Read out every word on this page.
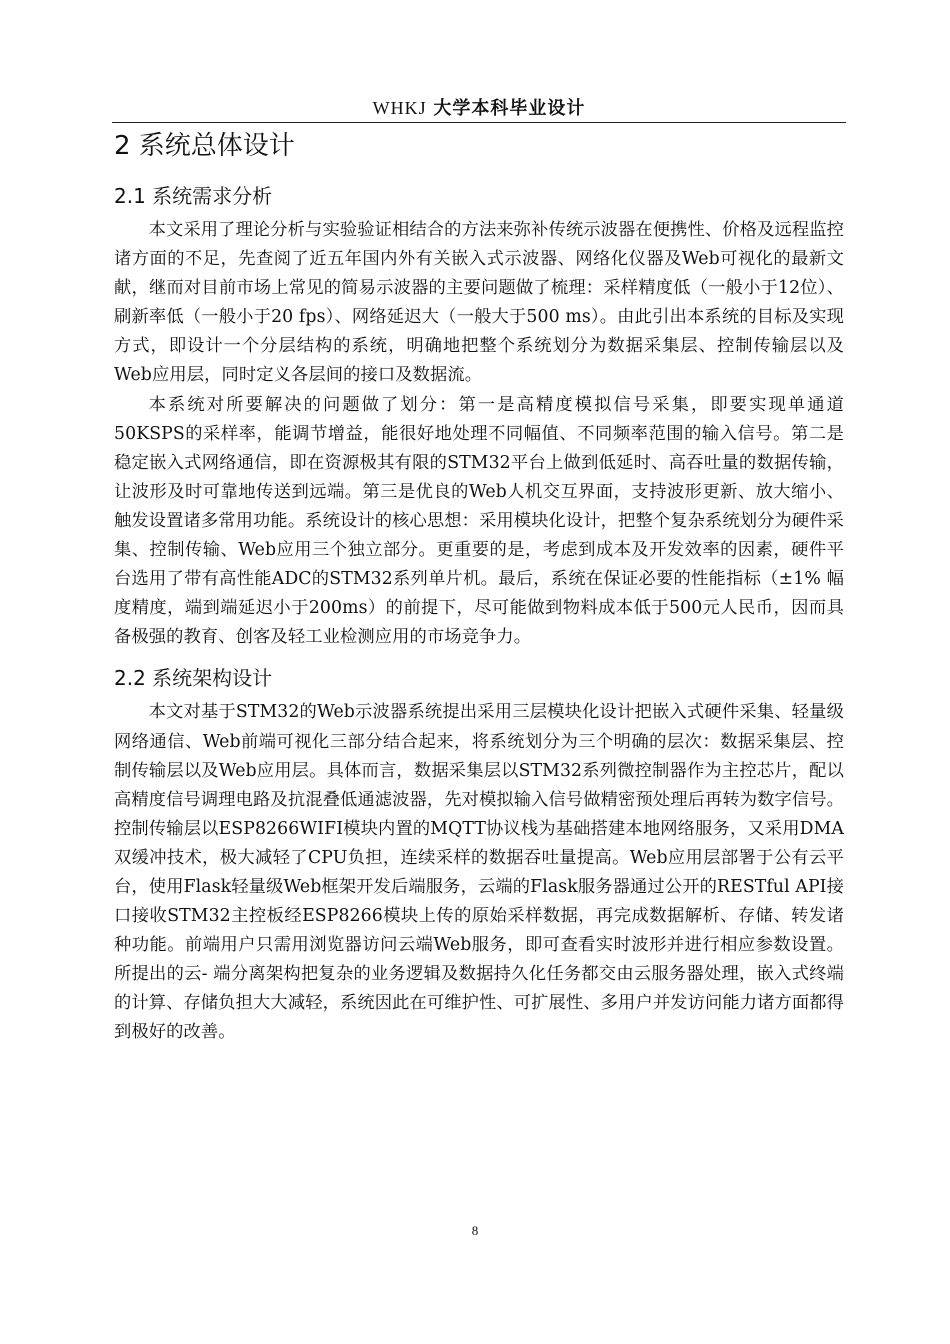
WHKJ 大学本科毕业设计
2 系统总体设计
2.1 系统需求分析

本文采用了理论分析与实验验证相结合的方法来弥补传统示波器在便携性、价格及远程监控诸方面的不足，先查阅了近五年国内外有关嵌入式示波器、网络化仪器及Web可视化的最新文献，继而对目前市场上常见的简易示波器的主要问题做了梳理：采样精度低（一般小于12位）、刷新率低（一般小于20 fps）、网络延迟大（一般大于500 ms）。由此引出本系统的目标及实现方式，即设计一个分层结构的系统，明确地把整个系统划分为数据采集层、控制传输层以及Web应用层，同时定义各层间的接口及数据流。

本系统对所要解决的问题做了划分：第一是高精度模拟信号采集，即要实现单通道50KSPS的采样率，能调节增益，能很好地处理不同幅值、不同频率范围的输入信号。第二是稳定嵌入式网络通信，即在资源极其有限的STM32平台上做到低延时、高吞吐量的数据传输，让波形及时可靠地传送到远端。第三是优良的Web人机交互界面，支持波形更新、放大缩小、触发设置诸多常用功能。系统设计的核心思想：采用模块化设计，把整个复杂系统划分为硬件采集、控制传输、Web应用三个独立部分。更重要的是，考虑到成本及开发效率的因素，硬件平台选用了带有高性能ADC的STM32系列单片机。最后，系统在保证必要的性能指标（±1% 幅度精度，端到端延迟小于200ms）的前提下，尽可能做到物料成本低于500元人民币，因而具备极强的教育、创客及轻工业检测应用的市场竞争力。

2.2 系统架构设计

本文对基于STM32的Web示波器系统提出采用三层模块化设计把嵌入式硬件采集、轻量级网络通信、Web前端可视化三部分结合起来，将系统划分为三个明确的层次：数据采集层、控制传输层以及Web应用层。具体而言，数据采集层以STM32系列微控制器作为主控芯片，配以高精度信号调理电路及抗混叠低通滤波器，先对模拟输入信号做精密预处理后再转为数字信号。控制传输层以ESP8266WIFI模块内置的MQTT协议栈为基础搭建本地网络服务，又采用DMA双缓冲技术，极大减轻了CPU负担，连续采样的数据吞吐量提高。Web应用层部署于公有云平台，使用Flask轻量级Web框架开发后端服务，云端的Flask服务器通过公开的RESTful API接口接收STM32主控板经ESP8266模块上传的原始采样数据，再完成数据解析、存储、转发诸种功能。前端用户只需用浏览器访问云端Web服务，即可查看实时波形并进行相应参数设置。所提出的云- 端分离架构把复杂的业务逻辑及数据持久化任务都交由云服务器处理，嵌入式终端的计算、存储负担大大减轻，系统因此在可维护性、可扩展性、多用户并发访问能力诸方面都得到极好的改善。

8
